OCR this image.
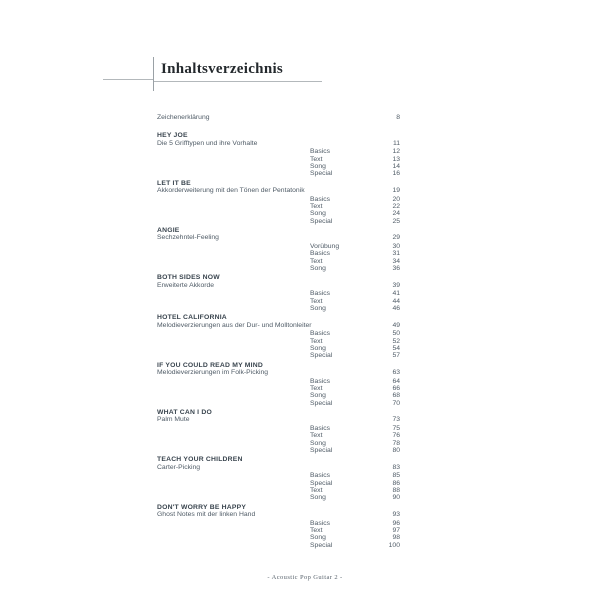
Inhaltsverzeichnis
Zeichenerklärung	8
HEY JOE
Die 5 Grifftypen und ihre Vorhalte	11
Basics	12
Text	13
Song	14
Special	16
LET IT BE
Akkorderweiterung mit den Tönen der Pentatonik	19
Basics	20
Text	22
Song	24
Special	25
ANGIE
Sechzehntel-Feeling	29
Vorübung	30
Basics	31
Text	34
Song	36
BOTH SIDES NOW
Erweiterte Akkorde	39
Basics	41
Text	44
Song	46
HOTEL CALIFORNIA
Melodieverzierungen aus der Dur- und Molltonleiter	49
Basics	50
Text	52
Song	54
Special	57
IF YOU COULD READ MY MIND
Melodieverzierungen im Folk-Picking	63
Basics	64
Text	66
Song	68
Special	70
WHAT CAN I DO
Palm Mute	73
Basics	75
Text	76
Song	78
Special	80
TEACH YOUR CHILDREN
Carter-Picking	83
Basics	85
Special	86
Text	88
Song	90
DON'T WORRY BE HAPPY
Ghost Notes mit der linken Hand	93
Basics	96
Text	97
Song	98
Special	100
- Acoustic Pop Guitar 2 -
